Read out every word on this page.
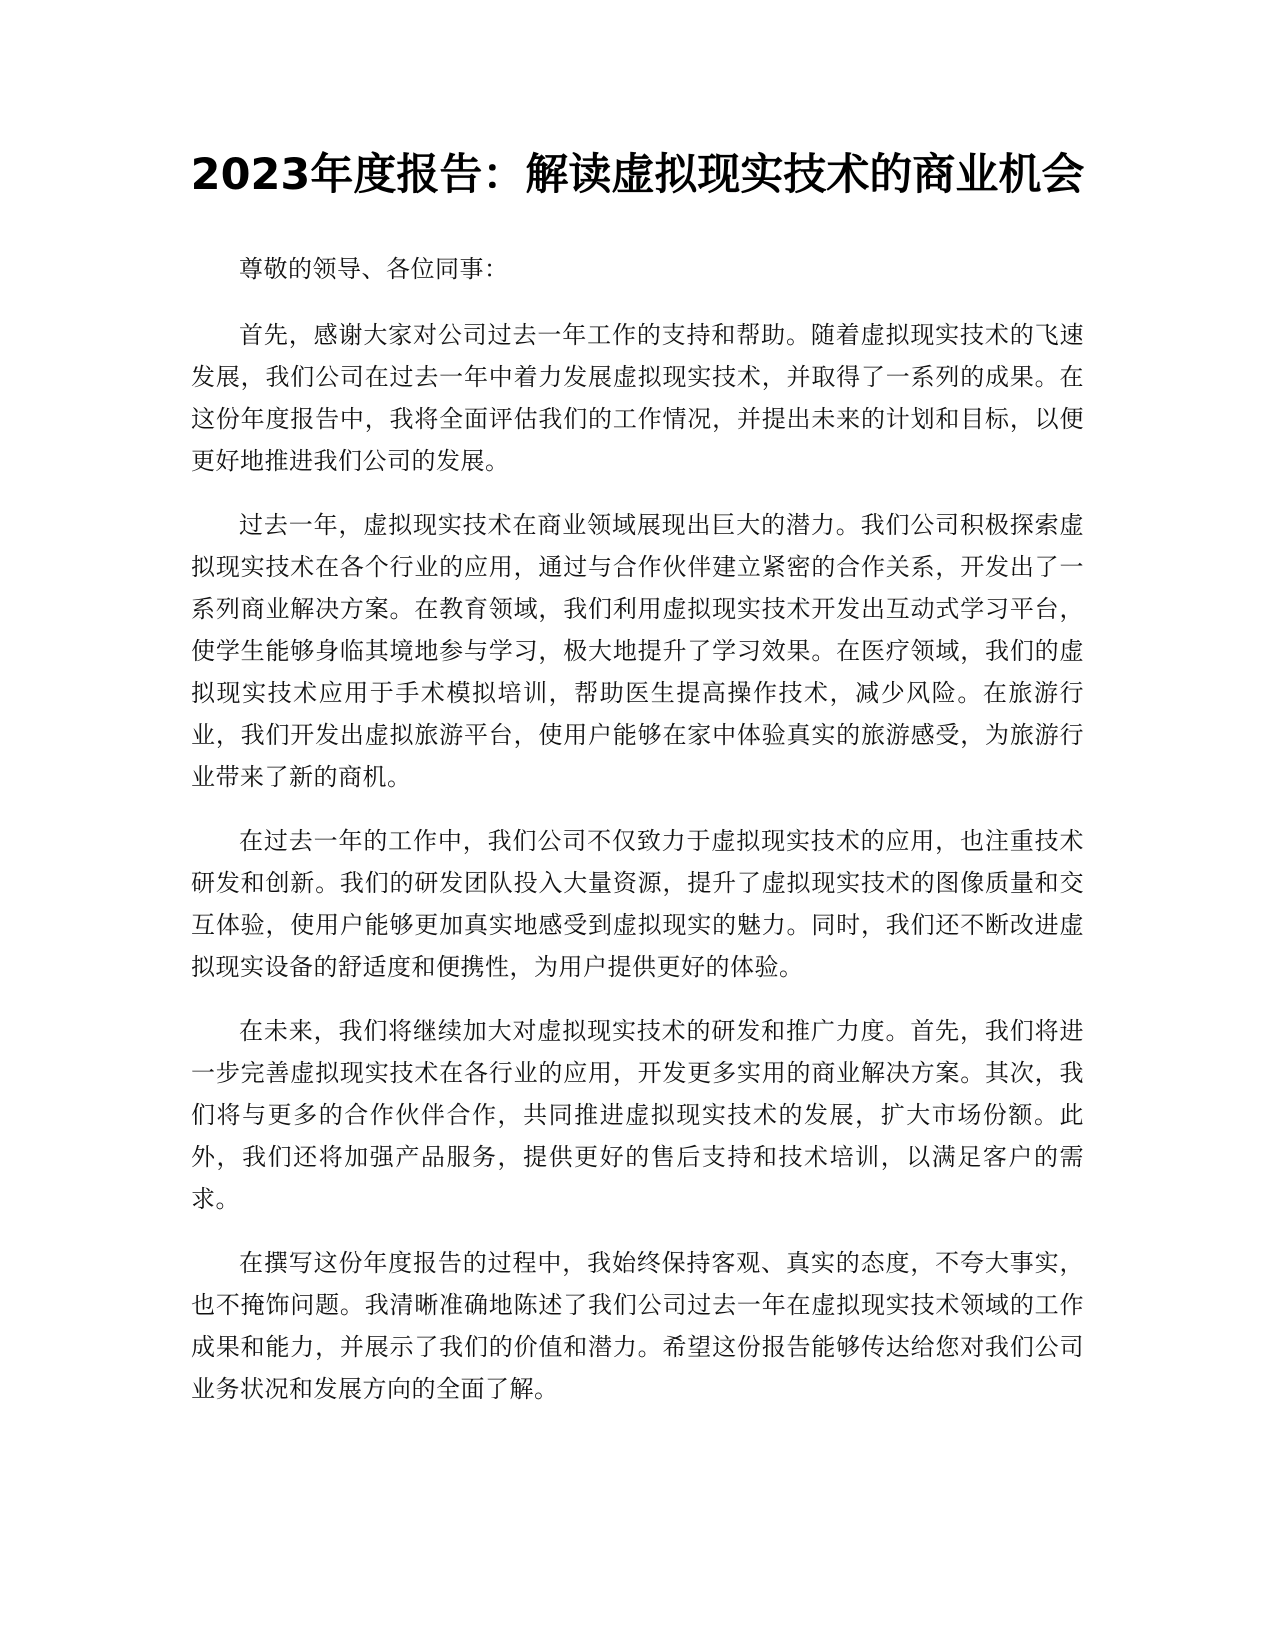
2023年度报告：解读虚拟现实技术的商业机会

尊敬的领导、各位同事：

首先，感谢大家对公司过去一年工作的支持和帮助。随着虚拟现实技术的飞速发展，我们公司在过去一年中着力发展虚拟现实技术，并取得了一系列的成果。在这份年度报告中，我将全面评估我们的工作情况，并提出未来的计划和目标，以便更好地推进我们公司的发展。

过去一年，虚拟现实技术在商业领域展现出巨大的潜力。我们公司积极探索虚拟现实技术在各个行业的应用，通过与合作伙伴建立紧密的合作关系，开发出了一系列商业解决方案。在教育领域，我们利用虚拟现实技术开发出互动式学习平台，使学生能够身临其境地参与学习，极大地提升了学习效果。在医疗领域，我们的虚拟现实技术应用于手术模拟培训，帮助医生提高操作技术，减少风险。在旅游行业，我们开发出虚拟旅游平台，使用户能够在家中体验真实的旅游感受，为旅游行业带来了新的商机。

在过去一年的工作中，我们公司不仅致力于虚拟现实技术的应用，也注重技术研发和创新。我们的研发团队投入大量资源，提升了虚拟现实技术的图像质量和交互体验，使用户能够更加真实地感受到虚拟现实的魅力。同时，我们还不断改进虚拟现实设备的舒适度和便携性，为用户提供更好的体验。

在未来，我们将继续加大对虚拟现实技术的研发和推广力度。首先，我们将进一步完善虚拟现实技术在各行业的应用，开发更多实用的商业解决方案。其次，我们将与更多的合作伙伴合作，共同推进虚拟现实技术的发展，扩大市场份额。此外，我们还将加强产品服务，提供更好的售后支持和技术培训，以满足客户的需求。

在撰写这份年度报告的过程中，我始终保持客观、真实的态度，不夸大事实，也不掩饰问题。我清晰准确地陈述了我们公司过去一年在虚拟现实技术领域的工作成果和能力，并展示了我们的价值和潜力。希望这份报告能够传达给您对我们公司业务状况和发展方向的全面了解。
